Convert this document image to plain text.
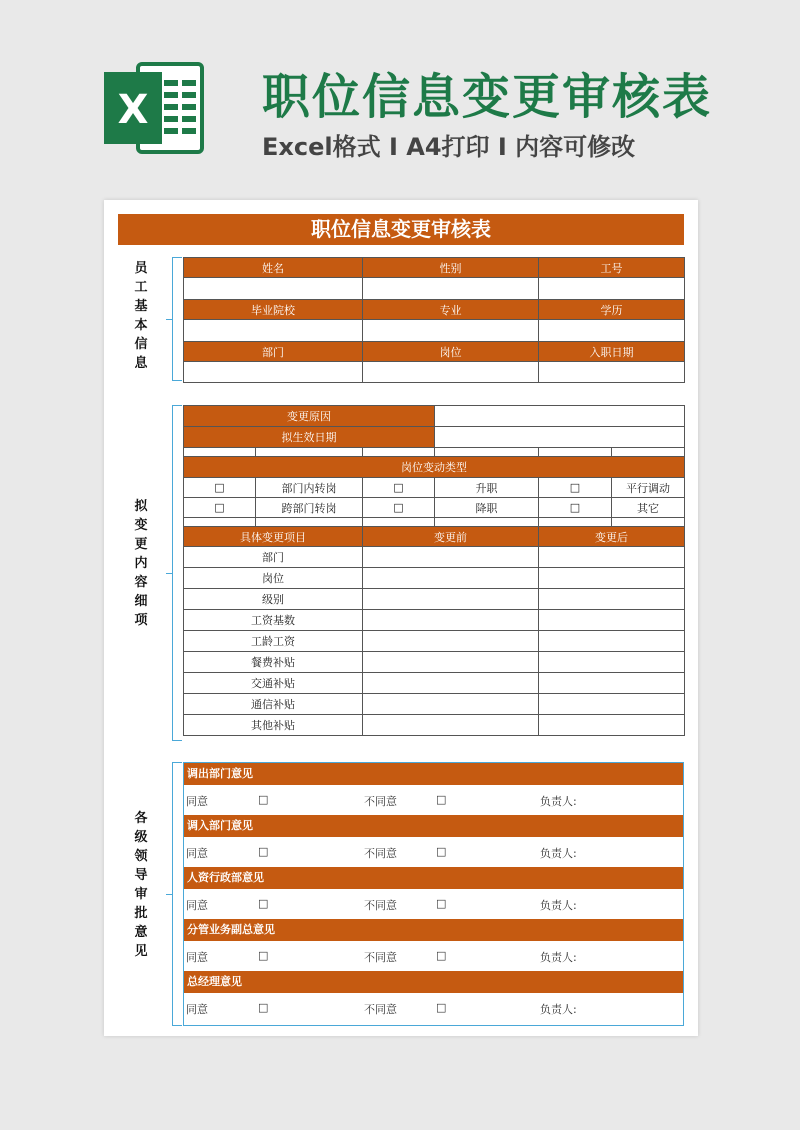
X 职位信息变更审核表
Excel格式 I A4打印 I 内容可修改
职位信息变更审核表
员
工
基
本
信
息
姓名	性别	工号

毕业院校	专业	学历

部门	岗位	入职日期

拟
变
更
内
容
细
项
变更原因					
拟生效日期					

岗位变动类型					
□	部门内转岗	□	升职	□	平行调动
□	跨部门转岗	□	降职	□	其它

具体变更项目		变更前		变更后	
部门					
岗位					
级别					
工资基数					
工龄工资					
餐费补贴					
交通补贴					
通信补贴					
其他补贴					
各
级
领
导
审
批
意
见
调出部门意见
同意	□	不同意	□	负责人:
调入部门意见
同意	□	不同意	□	负责人:
人资行政部意见
同意	□	不同意	□	负责人:
分管业务副总意见
同意	□	不同意	□	负责人:
总经理意见
同意	□	不同意	□	负责人:
